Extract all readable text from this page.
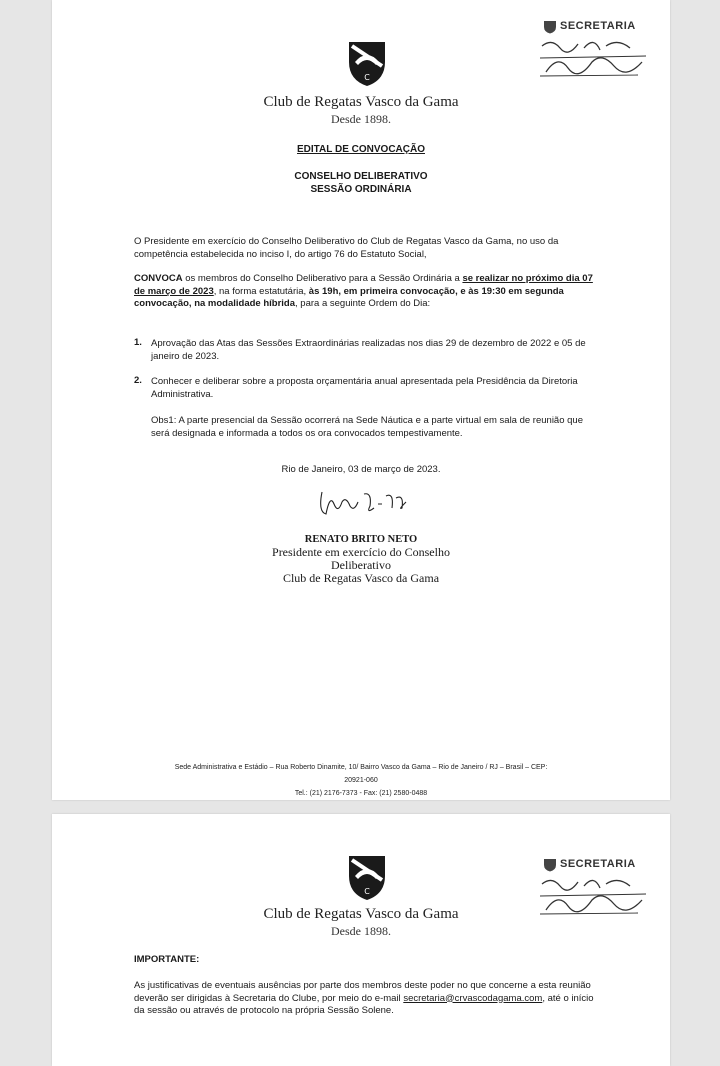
SECRETARIA
C
Club de Regatas Vasco da Gama
Desde 1898.
EDITAL DE CONVOCAÇÃO
CONSELHO DELIBERATIVO
SESSÃO ORDINÁRIA
O Presidente em exercício do Conselho Deliberativo do Club de Regatas Vasco da Gama, no uso da competência estabelecida no inciso I, do artigo 76 do Estatuto Social,
CONVOCA os membros do Conselho Deliberativo para a Sessão Ordinária a se realizar no próximo dia 07 de março de 2023, na forma estatutária, às 19h, em primeira convocação, e às 19:30 em segunda convocação, na modalidade híbrida, para a seguinte Ordem do Dia:
1. Aprovação das Atas das Sessões Extraordinárias realizadas nos dias 29 de dezembro de 2022 e 05 de janeiro de 2023.
2. Conhecer e deliberar sobre a proposta orçamentária anual apresentada pela Presidência da Diretoria Administrativa.
Obs1: A parte presencial da Sessão ocorrerá na Sede Náutica e a parte virtual em sala de reunião que será designada e informada a todos os ora convocados tempestivamente.
Rio de Janeiro, 03 de março de 2023.
RENATO BRITO NETO
Presidente em exercício do Conselho
Deliberativo
Club de Regatas Vasco da Gama
Sede Administrativa e Estádio – Rua Roberto Dinamite, 10/ Bairro Vasco da Gama – Rio de Janeiro / RJ – Brasil – CEP:
20921-060
Tel.: (21) 2176-7373 - Fax: (21) 2580-0488
C
SECRETARIA
Club de Regatas Vasco da Gama
Desde 1898.
IMPORTANTE:
As justificativas de eventuais ausências por parte dos membros deste poder no que concerne a esta reunião deverão ser dirigidas à Secretaria do Clube, por meio do e-mail secretaria@crvascodagama.com, até o início da sessão ou através de protocolo na própria Sessão Solene.
